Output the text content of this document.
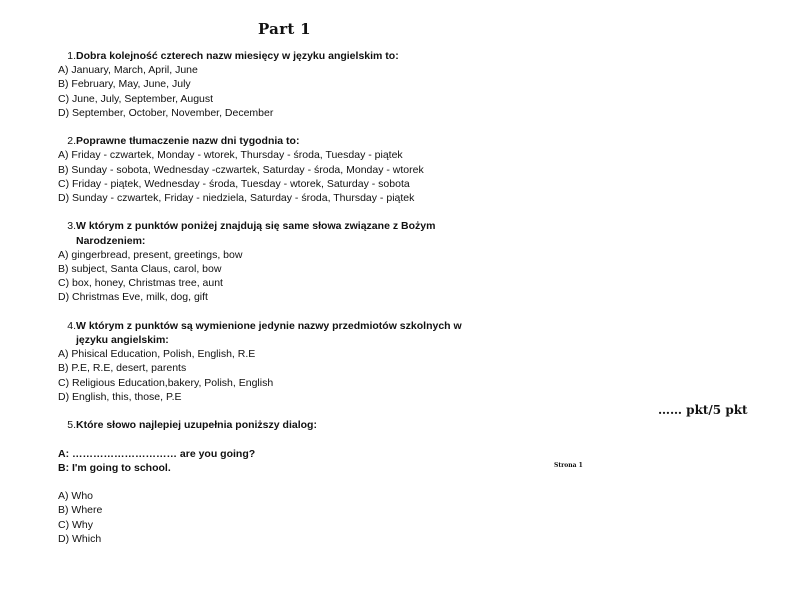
Part 1
1. Dobra kolejność czterech nazw miesięcy w języku angielskim to:
A) January, March, April, June
B) February, May, June, July
C) June, July, September, August
D) September, October, November, December
2. Poprawne tłumaczenie nazw dni tygodnia to:
A) Friday - czwartek, Monday - wtorek, Thursday - środa, Tuesday - piątek
B) Sunday - sobota, Wednesday -czwartek, Saturday - środa, Monday - wtorek
C) Friday - piątek, Wednesday - środa, Tuesday - wtorek, Saturday - sobota
D) Sunday - czwartek, Friday - niedziela, Saturday - środa, Thursday - piątek
3. W którym z punktów poniżej znajdują się same słowa związane z Bożym Narodzeniem:
A) gingerbread, present, greetings, bow
B) subject, Santa Claus, carol, bow
C) box, honey, Christmas tree, aunt
D) Christmas Eve, milk, dog, gift
4. W którym z punktów są wymienione jedynie nazwy przedmiotów szkolnych w języku angielskim:
A) Phisical Education, Polish, English, R.E
B) P.E, R.E, desert, parents
C) Religious Education,bakery, Polish, English
D) English, this, those, P.E
5. Które słowo najlepiej uzupełnia poniższy dialog:
A: ………………………… are you going?
B: I'm going to school.
A) Who
B) Where
C) Why
D) Which
…… pkt/5 pkt
Strona 1
